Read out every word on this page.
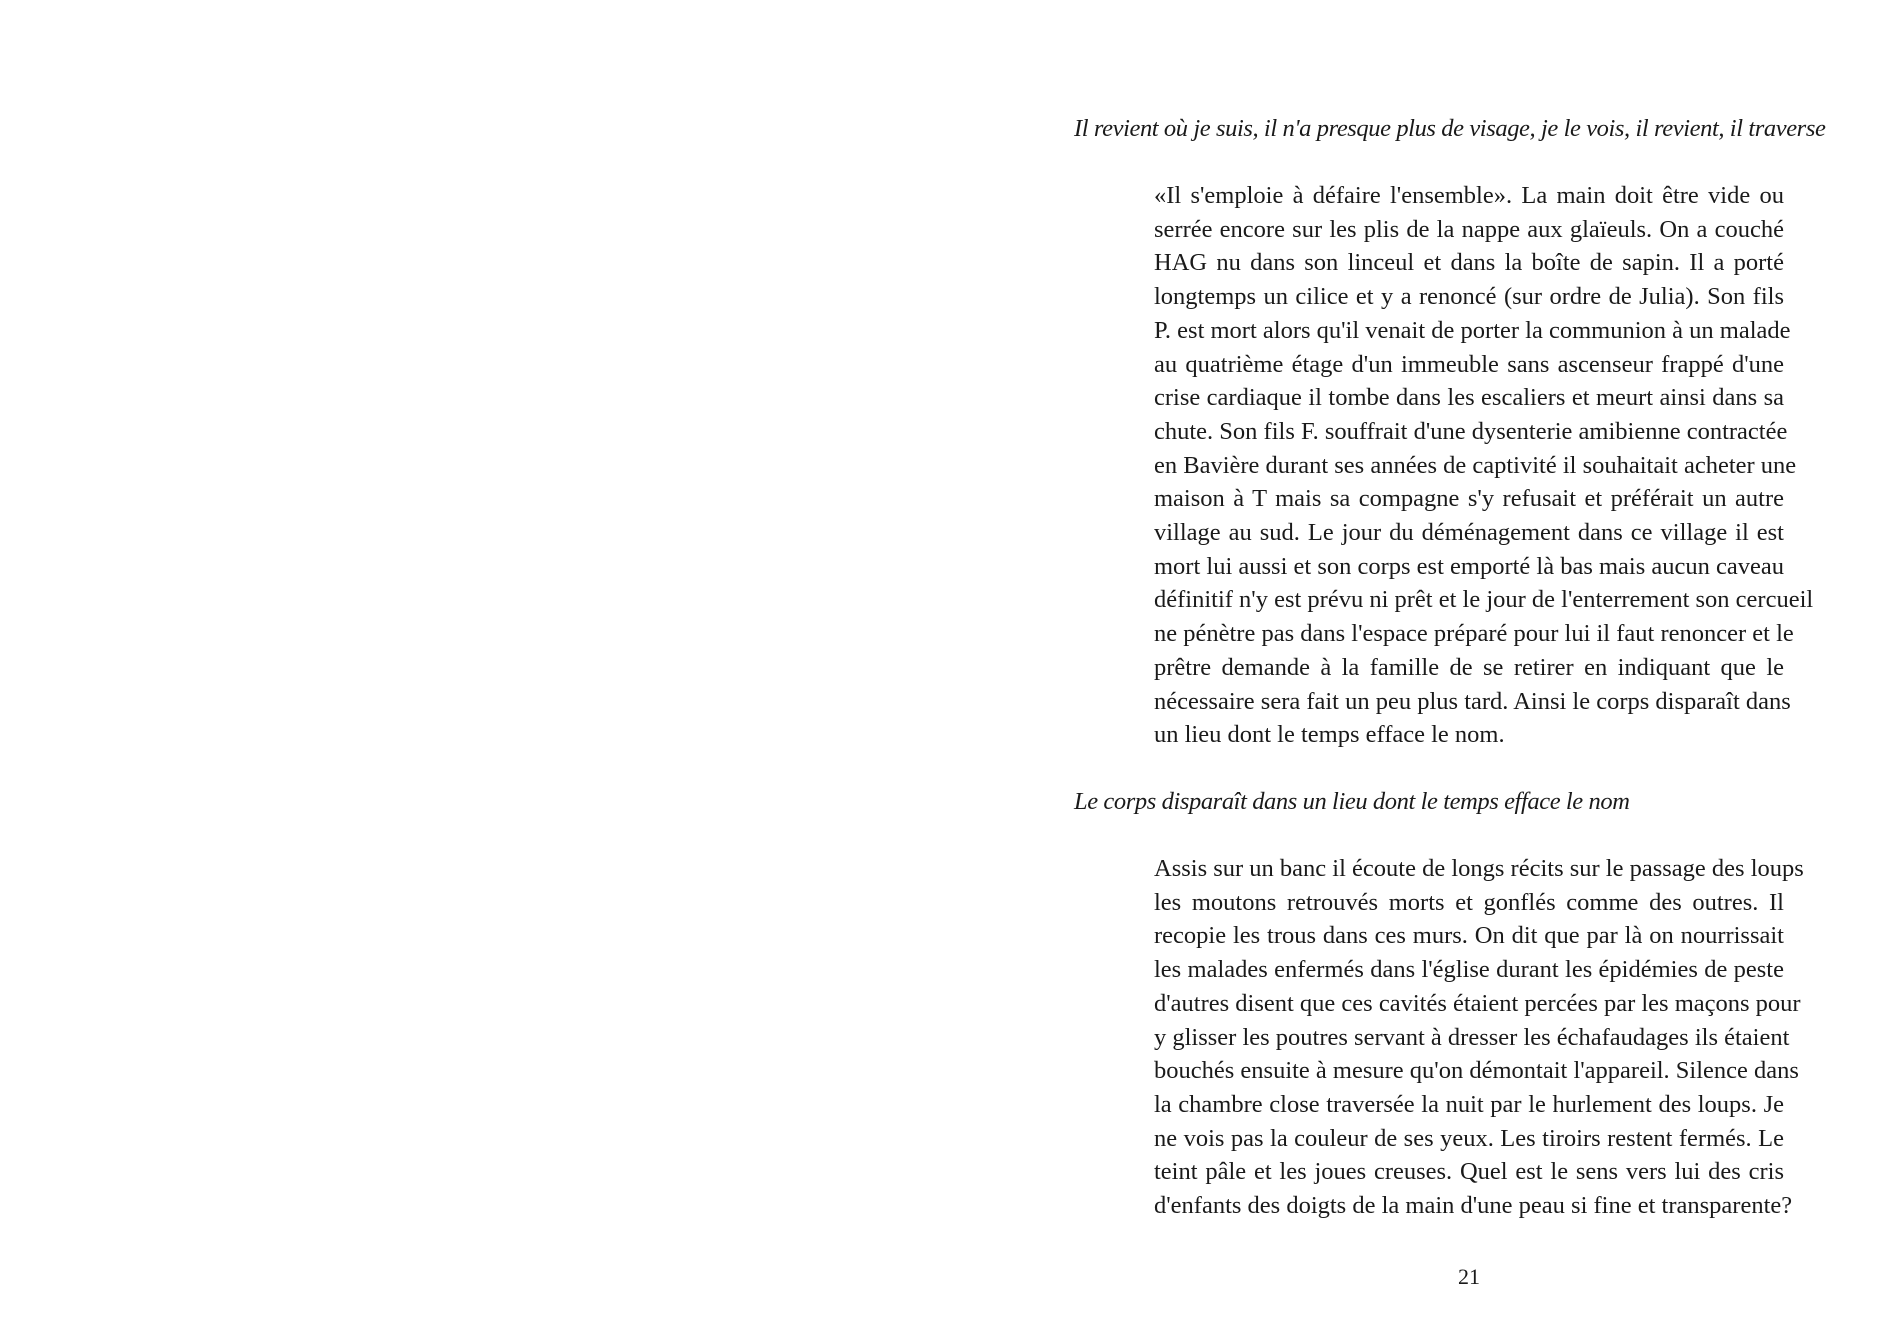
Il revient où je suis, il n'a presque plus de visage, je le vois, il revient, il traverse

«Il s'emploie à défaire l'ensemble». La main doit être vide ou
serrée encore sur les plis de la nappe aux glaïeuls. On a couché
HAG nu dans son linceul et dans la boîte de sapin. Il a porté
longtemps un cilice et y a renoncé (sur ordre de Julia). Son fils
P. est mort alors qu'il venait de porter la communion à un malade
au quatrième étage d'un immeuble sans ascenseur frappé d'une
crise cardiaque il tombe dans les escaliers et meurt ainsi dans sa
chute. Son fils F. souffrait d'une dysenterie amibienne contractée
en Bavière durant ses années de captivité il souhaitait acheter une
maison à T mais sa compagne s'y refusait et préférait un autre
village au sud. Le jour du déménagement dans ce village il est
mort lui aussi et son corps est emporté là bas mais aucun caveau
définitif n'y est prévu ni prêt et le jour de l'enterrement son cercueil
ne pénètre pas dans l'espace préparé pour lui il faut renoncer et le
prêtre demande à la famille de se retirer en indiquant que le
nécessaire sera fait un peu plus tard. Ainsi le corps disparaît dans
un lieu dont le temps efface le nom.

Le corps disparaît dans un lieu dont le temps efface le nom

Assis sur un banc il écoute de longs récits sur le passage des loups
les moutons retrouvés morts et gonflés comme des outres. Il
recopie les trous dans ces murs. On dit que par là on nourrissait
les malades enfermés dans l'église durant les épidémies de peste
d'autres disent que ces cavités étaient percées par les maçons pour
y glisser les poutres servant à dresser les échafaudages ils étaient
bouchés ensuite à mesure qu'on démontait l'appareil. Silence dans
la chambre close traversée la nuit par le hurlement des loups. Je
ne vois pas la couleur de ses yeux. Les tiroirs restent fermés. Le
teint pâle et les joues creuses. Quel est le sens vers lui des cris
d'enfants des doigts de la main d'une peau si fine et transparente?

21
